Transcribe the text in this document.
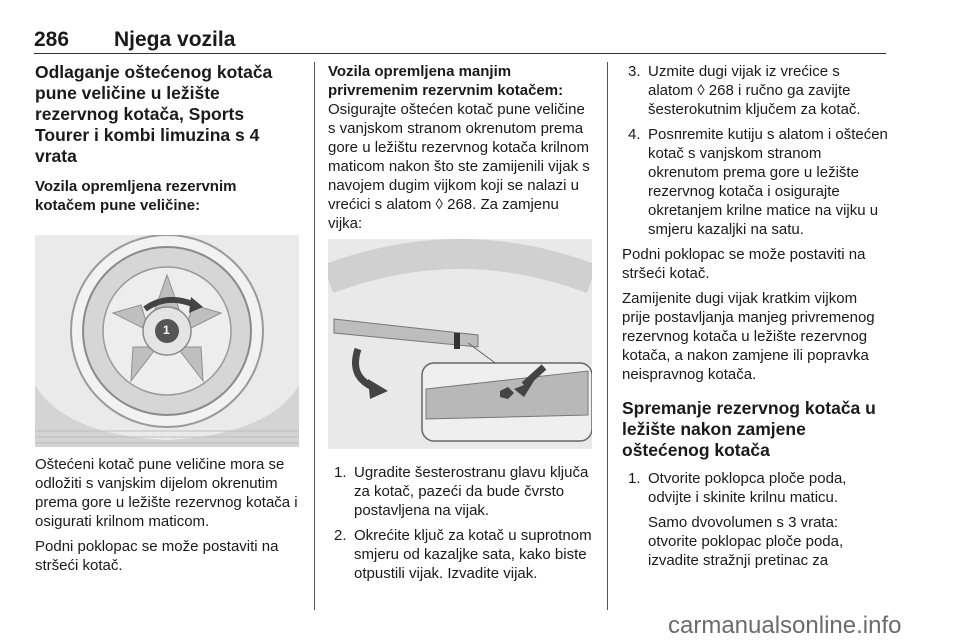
286 Njega vozila
Odlaganje oštećenog kotača pune veličine u ležište rezervnog kotača, Sports Tourer i kombi limuzina s 4 vrata
Vozila opremljena rezervnim kotačem pune veličine:
1

Oštećeni kotač pune veličine mora se odložiti s vanjskim dijelom okrenutim prema gore u ležište rezervnog kotača i osigurati krilnom maticom.

Podni poklopac se može postaviti na stršeći kotač.

Vozila opremljena manjim privremenim rezervnim kotačem:

Osigurajte oštećen kotač pune veličine s vanjskom stranom okrenutom prema gore u ležištu rezervnog kotača krilnom maticom nakon što ste zamijenili vijak s navojem dugim vijkom koji se nalazi u vrećici s alatom ◊ 268. Za zamjenu vijka:

1. Ugradite šesterostranu glavu ključa za kotač, pazeći da bude čvrsto postavljena na vijak.
2. Okrećite ključ za kotač u suprotnom smjeru od kazaljke sata, kako biste otpustili vijak. Izvadite vijak.
3. Uzmite dugi vijak iz vrećice s alatom ◊ 268 i ručno ga zavijte šesterokutnim ključem za kotač.
4. Posпremite kutiju s alatom i oštećen kotač s vanjskom stranom okrenutom prema gore u ležište rezervnog kotača i osigurajte okretanjem krilne matice na vijku u smjeru kazaljki na satu.

Podni poklopac se može postaviti na stršeći kotač.

Zamijenite dugi vijak kratkim vijkom prije postavljanja manjeg privremenog rezervnog kotača u ležište rezervnog kotača, a nakon zamjene ili popravka neispravnog kotača.

Spremanje rezervnog kotača u ležište nakon zamjene oštećenog kotača
1. Otvorite poklopca ploče poda, odvijte i skinite krilnu maticu.

Samo dvovolumen s 3 vrata: otvorite poklopac ploče poda, izvadite stražnji pretinac za

carmanualsonline.info
